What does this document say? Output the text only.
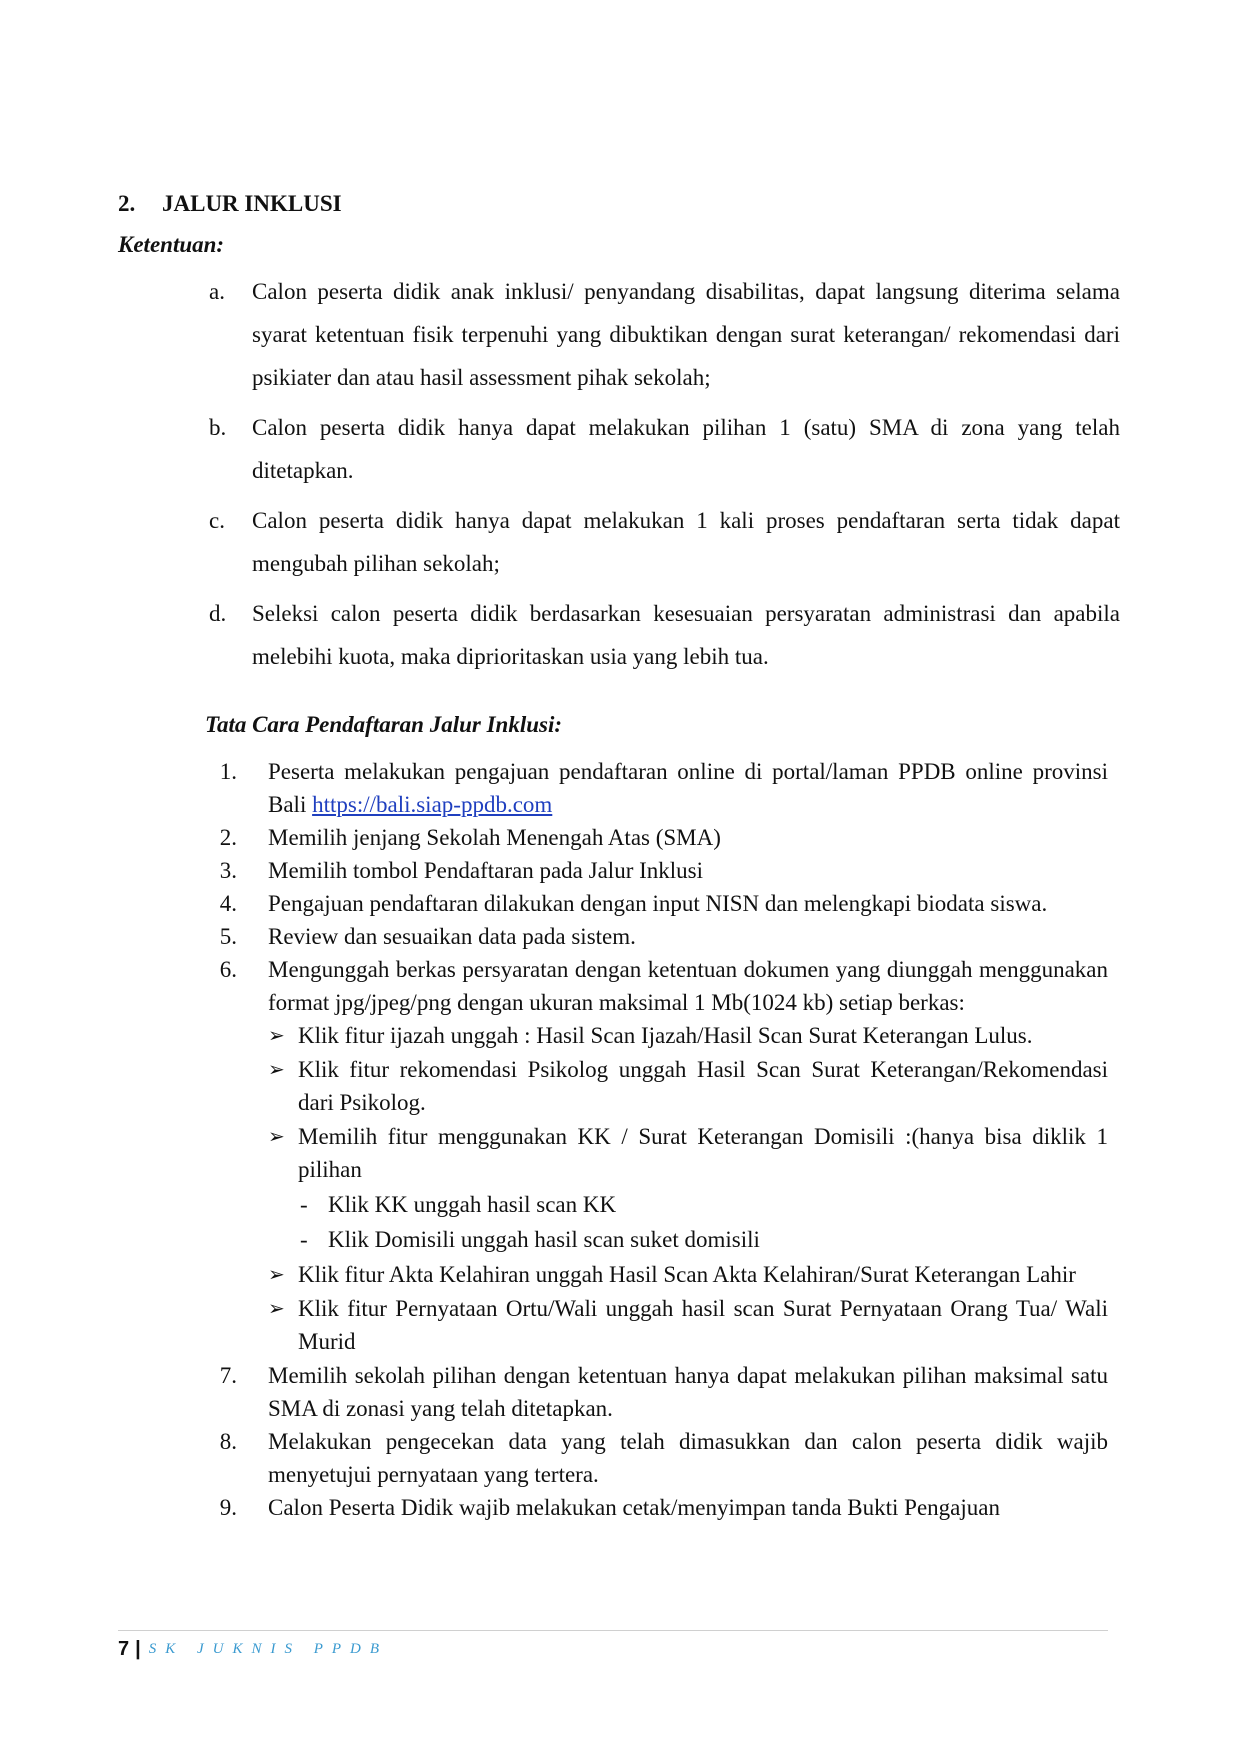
2. JALUR INKLUSI
Ketentuan:
a. Calon peserta didik anak inklusi/ penyandang disabilitas, dapat langsung diterima selama syarat ketentuan fisik terpenuhi yang dibuktikan dengan surat keterangan/ rekomendasi dari psikiater dan atau hasil assessment pihak sekolah;
b. Calon peserta didik hanya dapat melakukan pilihan 1 (satu) SMA di zona yang telah ditetapkan.
c. Calon peserta didik hanya dapat melakukan 1 kali proses pendaftaran serta tidak dapat mengubah pilihan sekolah;
d. Seleksi calon peserta didik berdasarkan kesesuaian persyaratan administrasi dan apabila melebihi kuota, maka diprioritaskan usia yang lebih tua.
Tata Cara Pendaftaran Jalur Inklusi:
1. Peserta melakukan pengajuan pendaftaran online di portal/laman PPDB online provinsi Bali https://bali.siap-ppdb.com
2. Memilih jenjang Sekolah Menengah Atas (SMA)
3. Memilih tombol Pendaftaran pada Jalur Inklusi
4. Pengajuan pendaftaran dilakukan dengan input NISN dan melengkapi biodata siswa.
5. Review dan sesuaikan data pada sistem.
6. Mengunggah berkas persyaratan dengan ketentuan dokumen yang diunggah menggunakan format jpg/jpeg/png dengan ukuran maksimal 1 Mb(1024 kb) setiap berkas:
➢ Klik fitur ijazah unggah : Hasil Scan Ijazah/Hasil Scan Surat Keterangan Lulus.
➢ Klik fitur rekomendasi Psikolog unggah Hasil Scan Surat Keterangan/Rekomendasi dari Psikolog.
➢ Memilih fitur menggunakan KK / Surat Keterangan Domisili :(hanya bisa diklik 1 pilihan
- Klik KK unggah hasil scan KK
- Klik Domisili unggah hasil scan suket domisili
➢ Klik fitur Akta Kelahiran unggah Hasil Scan Akta Kelahiran/Surat Keterangan Lahir
➢ Klik fitur Pernyataan Ortu/Wali unggah hasil scan Surat Pernyataan Orang Tua/ Wali Murid
7. Memilih sekolah pilihan dengan ketentuan hanya dapat melakukan pilihan maksimal satu SMA di zonasi yang telah ditetapkan.
8. Melakukan pengecekan data yang telah dimasukkan dan calon peserta didik wajib menyetujui pernyataan yang tertera.
9. Calon Peserta Didik wajib melakukan cetak/menyimpan tanda Bukti Pengajuan
7 | SK JUKNIS PPDB
